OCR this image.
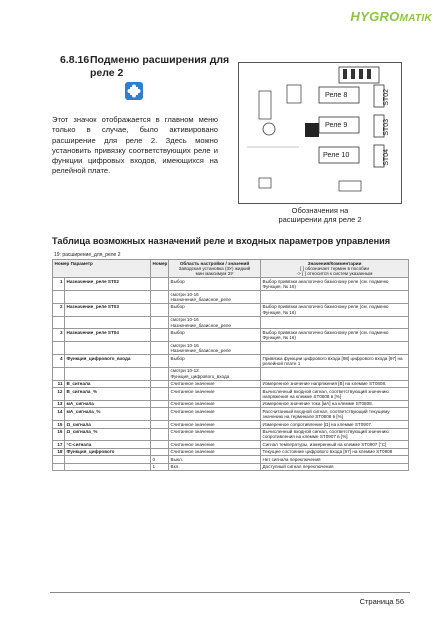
HYGROMATIK
6.8.16Подменю расширения для
реле 2
Этот значок отображается в главном меню только в случае, было активировано расширение для реле 2. Здесь можно установить привязку соответствующих реле и функции цифровых входов, имеющихся на релейной плате.
Реле 8
Реле 9
Реле 10
ST02
ST03
ST04
Обозначения на
расширении для реле 2
Таблица возможных назначений реле и входных параметров управления
19: расширение_для_реле 2
Номер Параметр		Номер	Область настройки / значений
Заводская установка (3У) жидкий
мин максимум ЗУ	Значения/Комментарии
[ ] обозначает термин в пособии
-> [ ] относится к систем указанным
1	Назначение_реле ST02		Выбор	Выбор привязки аналогично базисному реле (см. подменю Функция, № 16)
			смотри 10-16 Назначение_базисное_реле	
2	Назначение_реле ST03		Выбор	Выбор привязки аналогично базисному реле (см. подменю Функция, № 16)
			смотри 10-16 Назначение_базисное_реле	
3	Назначение_реле ST04		Выбор	Выбор привязки аналогично базисному реле (см. подменю Функция, № 16)
			смотри 10-16 Назначение_базисное_реле	
4	Функция_цифрового_входа		Выбор	Привязка функции цифрового входа [98] цифрового входа [97] на релейной плате 1
			смотри 10-12 Функция_цифрового_входа	
11	В_сигнала		Считанное значение	Измеренное значение напряжения [В] на клемме ST0808.
12	В_сигнала_%		Считанное значение	Вычисленный входной сигнал, соответствующий значению напряжения на клемме ST0808 в [%]
13	мА_сигнала		Считанное значение	Измеренное значение тока [мА] на клемме ST0808.
14	мА_сигнала_%		Считанное значение	Рассчитанный входной сигнал, соответствующий текущему значению на терминале ST0808 в [%]
15	Ω_сигнала		Считанное значение	Измеренное сопротивление [Ω] на клемме ST0907.
16	Ω_сигнала_%		Считанное значение	Вычисленный входной сигнал, соответствующий значению сопротивления на клемме ST0907 в [%]
17	°С-сигнала		Считанное значение	Сигнал температуры, измеренный на клемме ST0907 [°C]
18	Функция_цифрового		Считанное значение	Текущее состояние цифрового входа [97] на клемме ST0908
		0	Выкл.	Нет сигнала переключения
		1	Вкл.	Доступный сигнал переключения
Страница 56
